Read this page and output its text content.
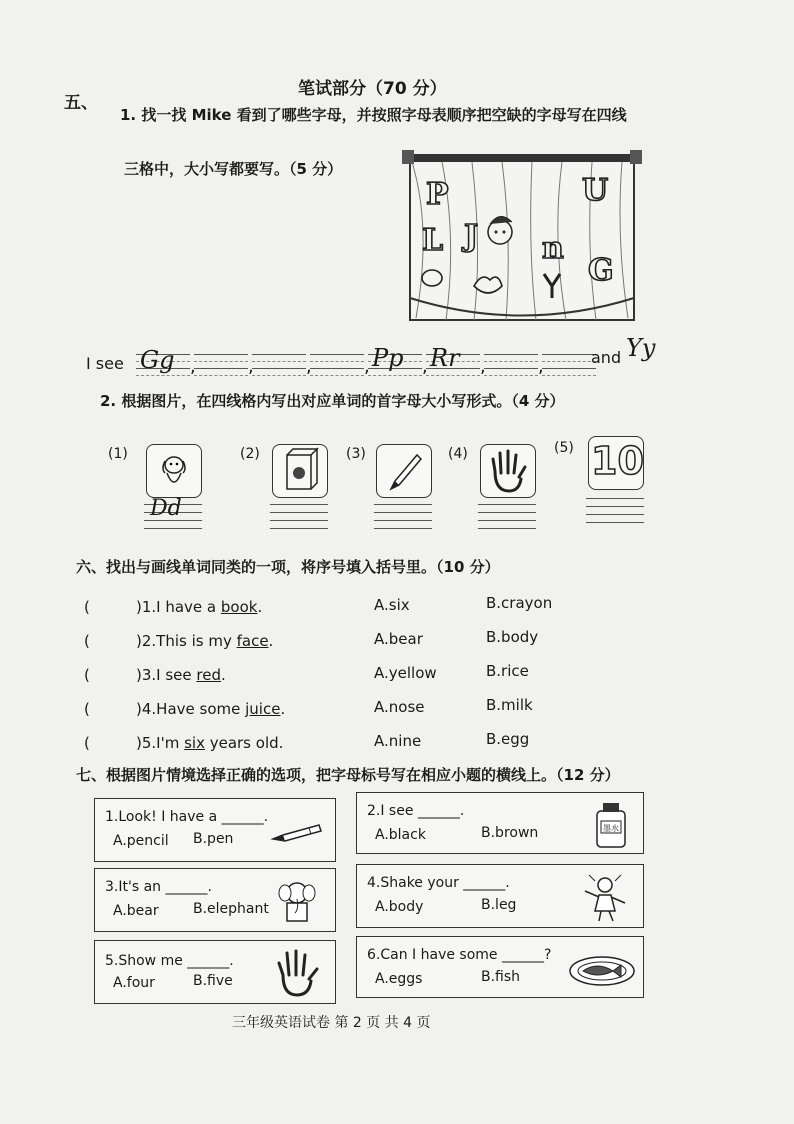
笔试部分（70 分）
五、
1. 找一找 Mike 看到了哪些字母，并按照字母表顺序把空缺的字母写在四线
三格中，大小写都要写。（5 分）
P	U
L J n
G
I see Gg ,	,	,	, Pp , Rr ,	,	and Yy
2. 根据图片，在四线格内写出对应单词的首字母大小写形式。（4 分）
(1)
Dd
(2)	(3)	(4)	(5) 10
六、找出与画线单词同类的一项，将序号填入括号里。（10 分）
(	)1.I have a book.	A.six	B.crayon
(	)2.This is my face.	A.bear	B.body
(	)3.I see red.	A.yellow	B.rice
(	)4.Have some juice.	A.nose	B.milk
(	)5.I'm six years old.	A.nine	B.egg
七、根据图片情境选择正确的选项，把字母标号写在相应小题的横线上。（12 分）
1.Look! I have a ______.
A.pencil B.pen
2.I see ______.
A.black	B.brown	墨水
3.It's an ______.
A.bear B.elephant
4.Shake your ______.
A.body	B.leg
5.Show me ______.
A.four	B.five
6.Can I have some ______?
A.eggs	B.fish
三年级英语试卷 第 2 页 共 4 页
